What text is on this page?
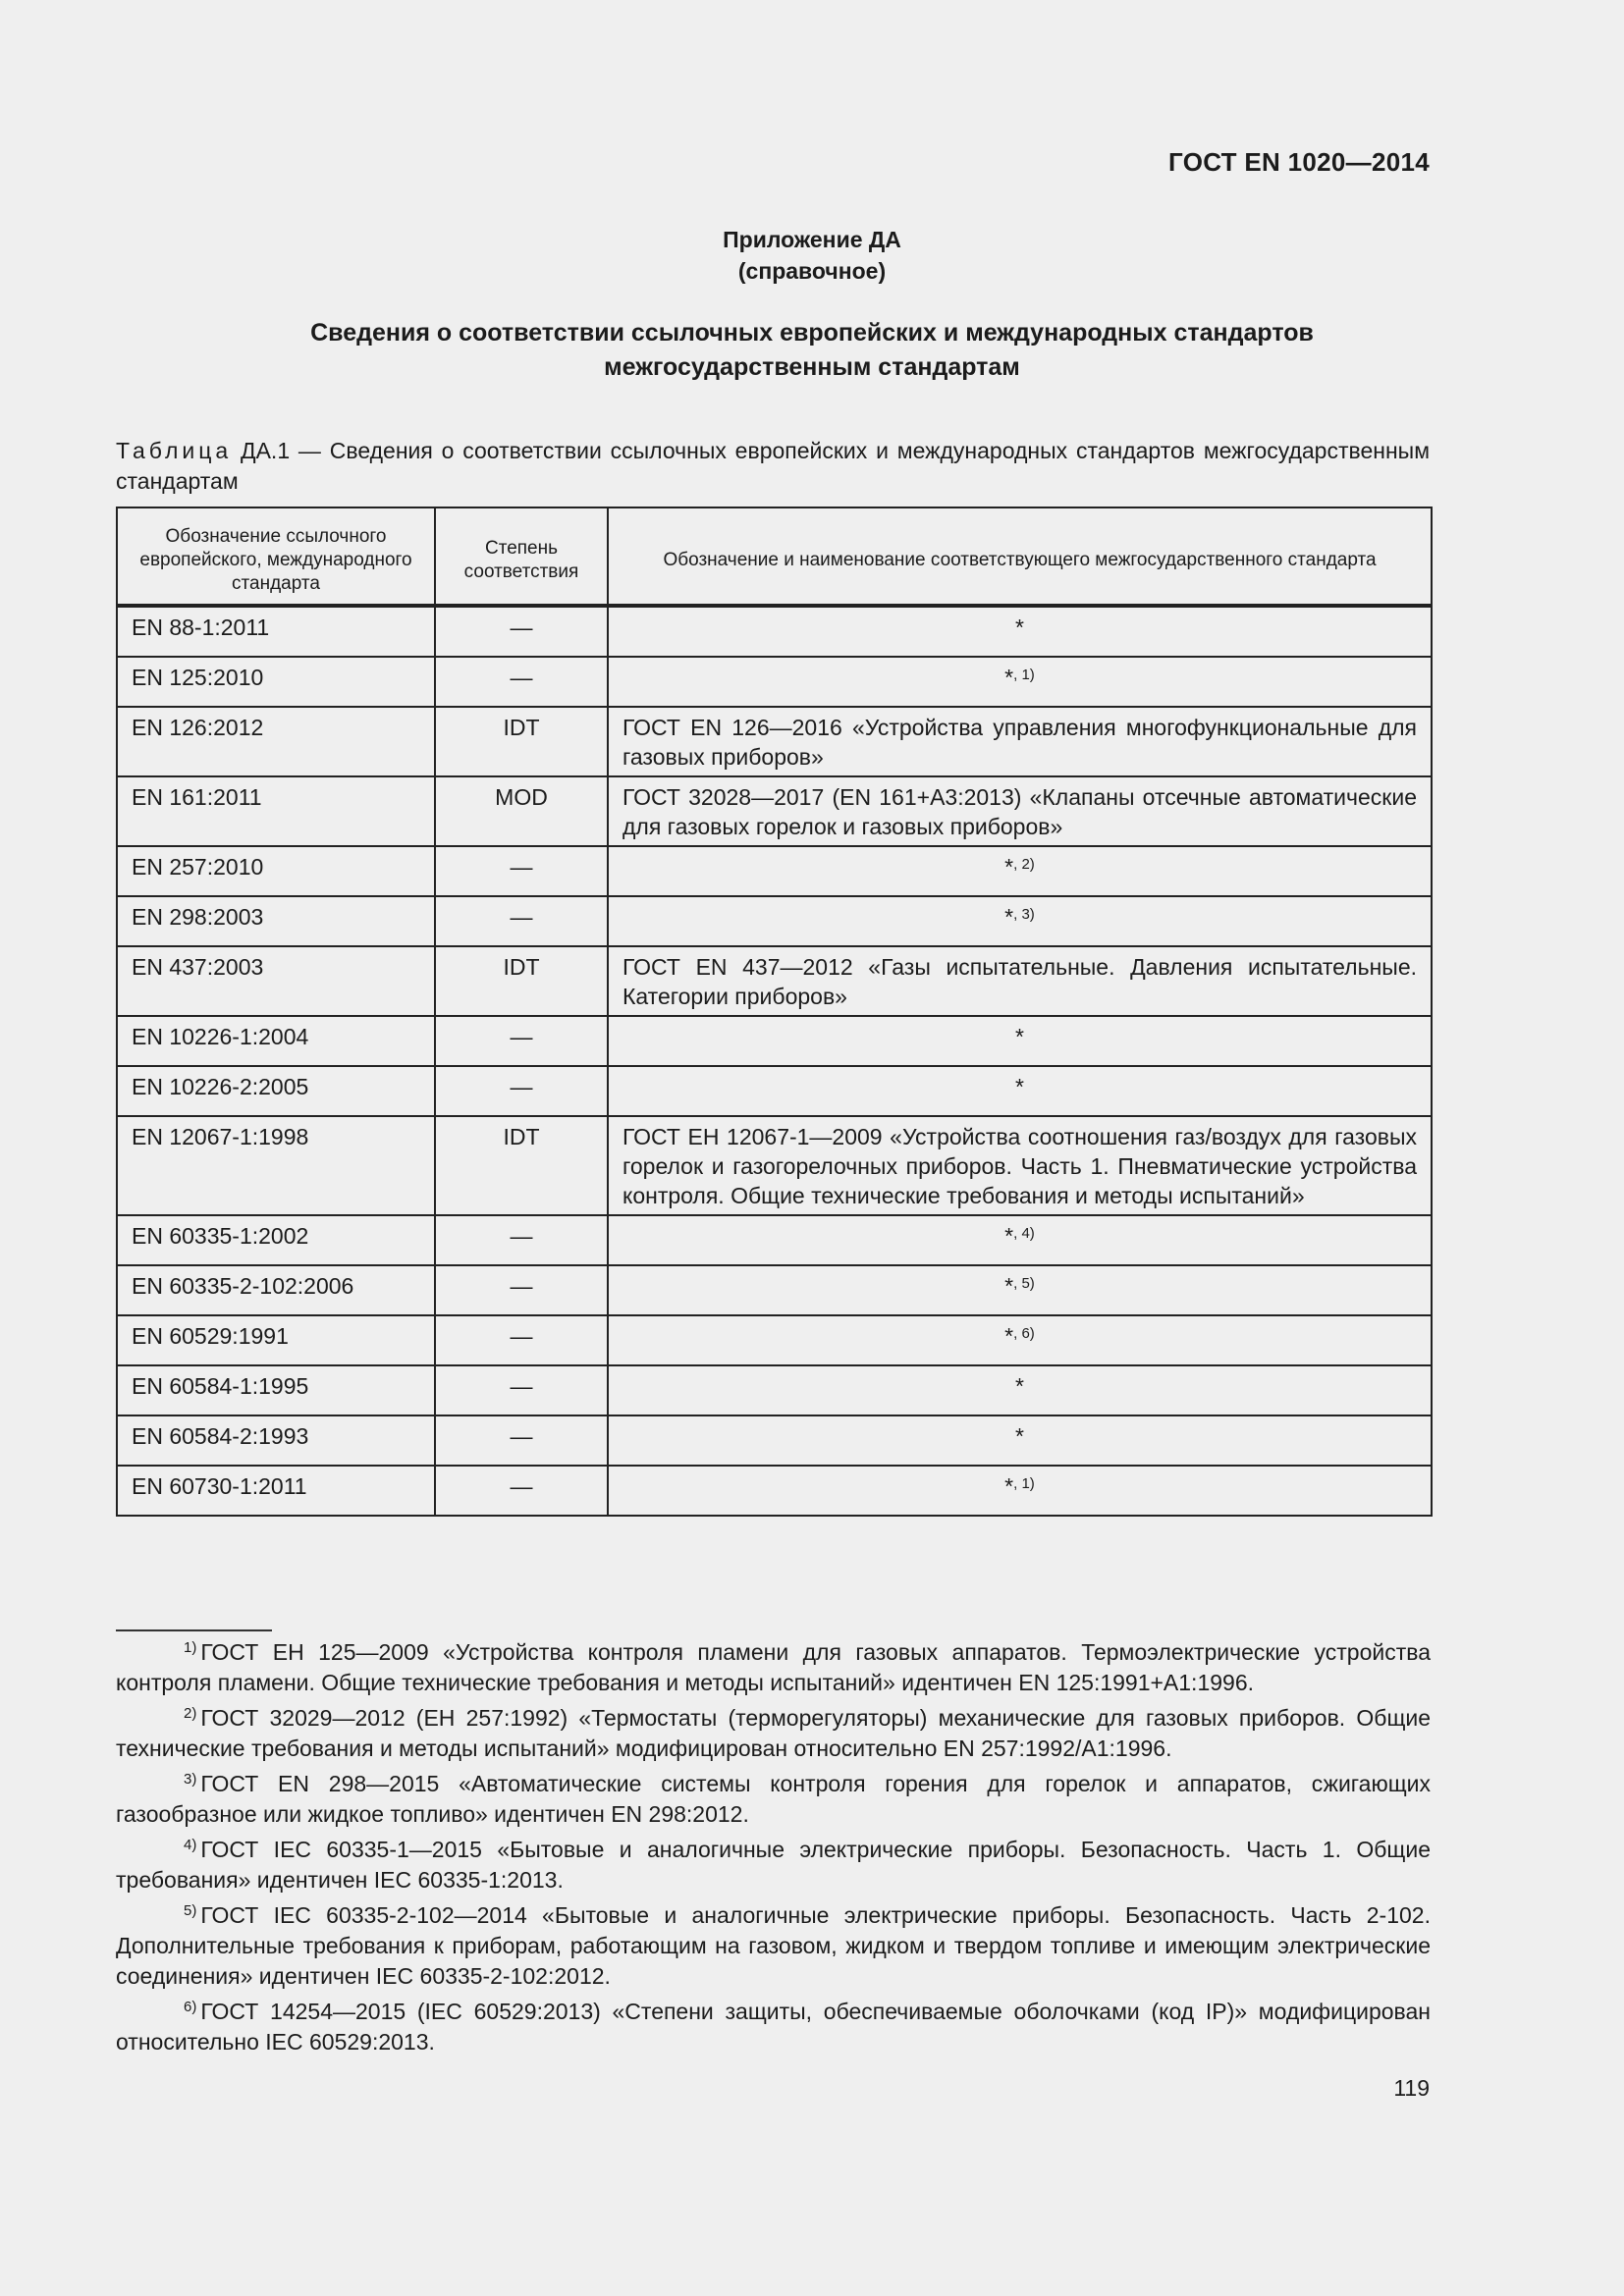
ГОСТ EN 1020—2014
Приложение ДА
(справочное)
Сведения о соответствии ссылочных европейских и международных стандартов
межгосударственным стандартам
Таблица ДА.1 — Сведения о соответствии ссылочных европейских и международных стандартов межгосударственным стандартам
Обозначение ссылочного европейского, международного стандарта	Степень соответствия	Обозначение и наименование соответствующего межгосударственного стандарта
EN 88-1:2011	—	*
EN 125:2010	—	*$^{, 1)}$
EN 126:2012	IDT	ГОСТ EN 126—2016 «Устройства управления многофункциональные для газовых приборов»
EN 161:2011	MOD	ГОСТ 32028—2017 (EN 161+A3:2013) «Клапаны отсечные автоматические для газовых горелок и газовых приборов»
EN 257:2010	—	*$^{, 2)}$
EN 298:2003	—	*$^{, 3)}$
EN 437:2003	IDT	ГОСТ EN 437—2012 «Газы испытательные. Давления испытательные. Категории приборов»
EN 10226-1:2004	—	*
EN 10226-2:2005	—	*
EN 12067-1:1998	IDT	ГОСТ ЕН 12067-1—2009 «Устройства соотношения газ/воздух для газовых горелок и газогорелочных приборов. Часть 1. Пневматические устройства контроля. Общие технические требования и методы испытаний»
EN 60335-1:2002	—	*$^{, 4)}$
EN 60335-2-102:2006	—	*$^{, 5)}$
EN 60529:1991	—	*$^{, 6)}$
EN 60584-1:1995	—	*
EN 60584-2:1993	—	*
EN 60730-1:2011	—	*$^{, 1)}$
$^{1)}$ ГОСТ ЕН 125—2009 «Устройства контроля пламени для газовых аппаратов. Термоэлектрические устройства контроля пламени. Общие технические требования и методы испытаний» идентичен EN 125:1991+A1:1996.
$^{2)}$ ГОСТ 32029—2012 (ЕН 257:1992) «Термостаты (терморегуляторы) механические для газовых приборов. Общие технические требования и методы испытаний» модифицирован относительно EN 257:1992/A1:1996.
$^{3)}$ ГОСТ EN 298—2015 «Автоматические системы контроля горения для горелок и аппаратов, сжигающих газообразное или жидкое топливо» идентичен EN 298:2012.
$^{4)}$ ГОСТ IEC 60335-1—2015 «Бытовые и аналогичные электрические приборы. Безопасность. Часть 1. Общие требования» идентичен IEC 60335-1:2013.
$^{5)}$ ГОСТ IEC 60335-2-102—2014 «Бытовые и аналогичные электрические приборы. Безопасность. Часть 2-102. Дополнительные требования к приборам, работающим на газовом, жидком и твердом топливе и имеющим электрические соединения» идентичен IEC 60335-2-102:2012.
$^{6)}$ ГОСТ 14254—2015 (IEC 60529:2013) «Степени защиты, обеспечиваемые оболочками (код IP)» модифицирован относительно IEC 60529:2013.
119
